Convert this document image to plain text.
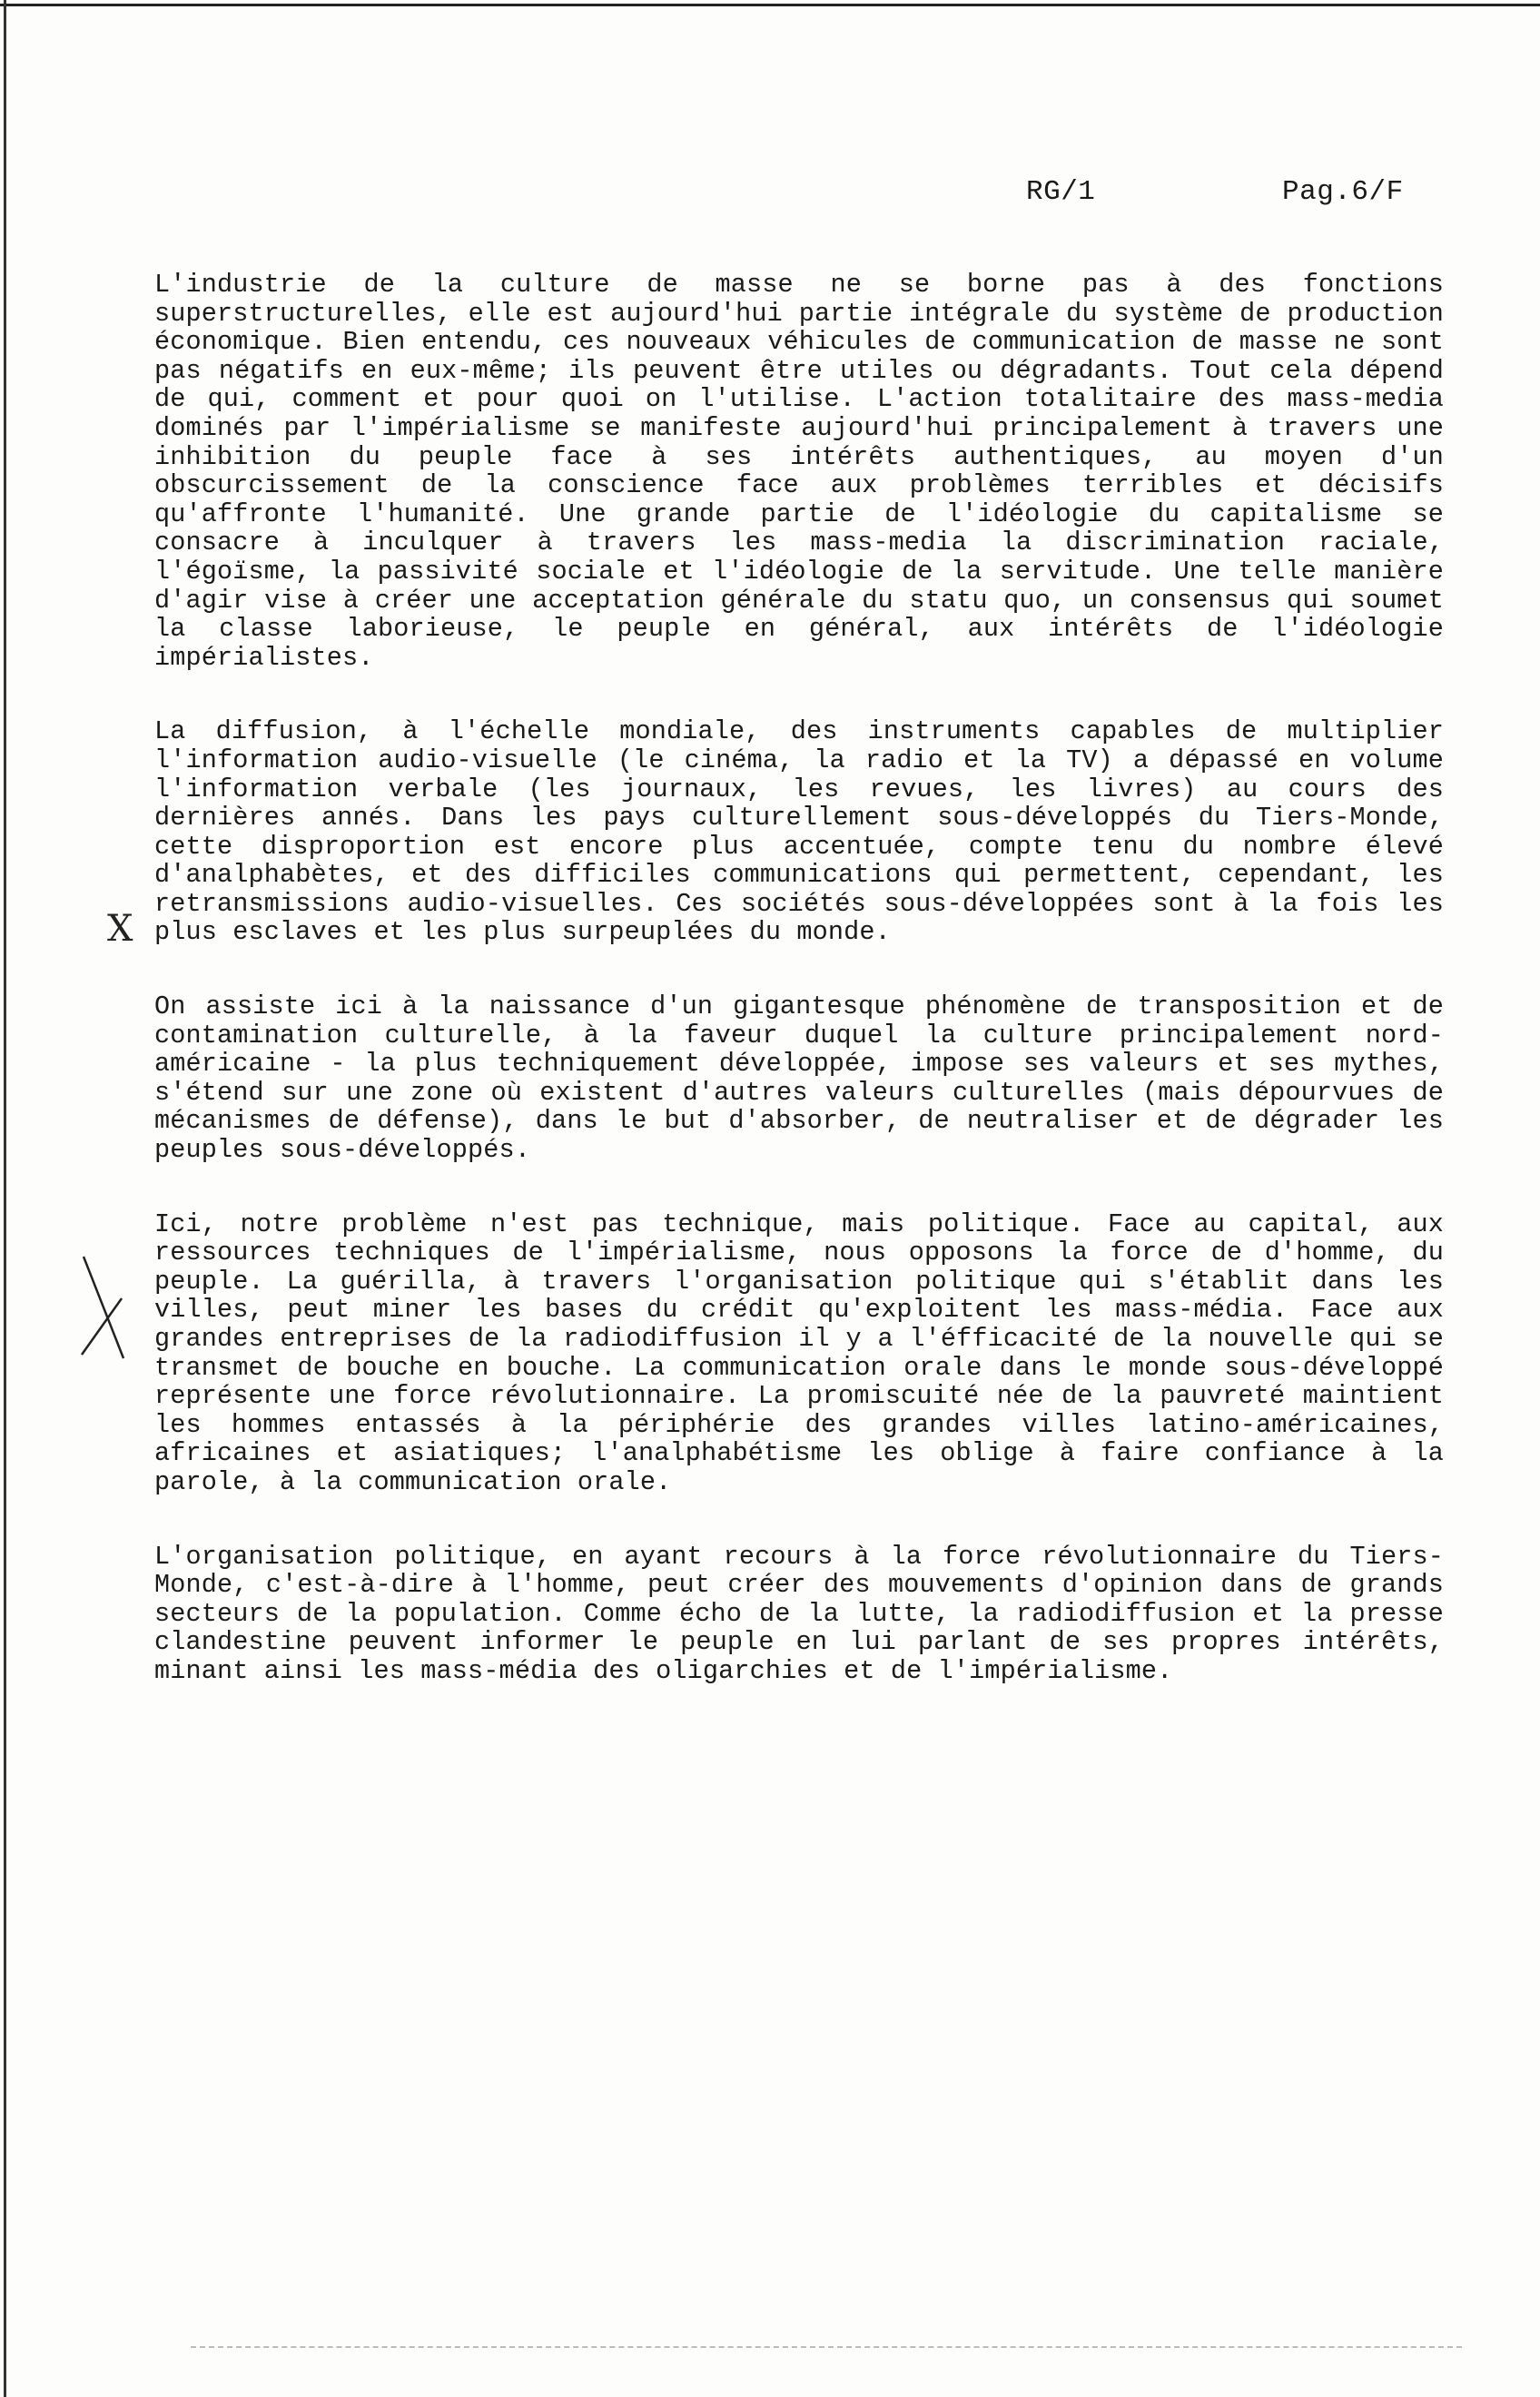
RG/1	Pag.6/F
X

L'industrie de la culture de masse ne se borne pas à des fonctions superstructurelles, elle est aujourd'hui partie intégrale du système de production économique. Bien entendu, ces nouveaux véhicules de communication de masse ne sont pas négatifs en eux-même; ils peuvent être utiles ou dégradants. Tout cela dépend de qui, comment et pour quoi on l'utilise. L'action totalitaire des mass-media dominés par l'impérialisme se manifeste aujourd'hui principalement à travers une inhibition du peuple face à ses intérêts authentiques, au moyen d'un obscurcissement de la conscience face aux problèmes terribles et décisifs qu'affronte l'humanité. Une grande partie de l'idéologie du capitalisme se consacre à inculquer à travers les mass-media la discrimination raciale, l'égoïsme, la passivité sociale et l'idéologie de la servitude. Une telle manière d'agir vise à créer une acceptation générale du statu quo, un consensus qui soumet la classe laborieuse, le peuple en général, aux intérêts de l'idéologie impérialistes.

La diffusion, à l'échelle mondiale, des instruments capables de multiplier l'information audio-visuelle (le cinéma, la radio et la TV) a dépassé en volume l'information verbale (les journaux, les revues, les livres) au cours des dernières annés. Dans les pays culturellement sous-développés du Tiers-Monde, cette disproportion est encore plus accentuée, compte tenu du nombre élevé d'analphabètes, et des difficiles communications qui permettent, cependant, les retransmissions audio-visuelles. Ces sociétés sous-développées sont à la fois les plus esclaves et les plus surpeuplées du monde.

On assiste ici à la naissance d'un gigantesque phénomène de transposition et de contamination culturelle, à la faveur duquel la culture principalement nord-américaine - la plus techniquement développée, impose ses valeurs et ses mythes, s'étend sur une zone où existent d'autres valeurs culturelles (mais dépourvues de mécanismes de défense), dans le but d'absorber, de neutraliser et de dégrader les peuples sous-développés.

Ici, notre problème n'est pas technique, mais politique. Face au capital, aux ressources techniques de l'impérialisme, nous opposons la force de d'homme, du peuple. La guérilla, à travers l'organisation politique qui s'établit dans les villes, peut miner les bases du crédit qu'exploitent les mass-média. Face aux grandes entreprises de la radiodiffusion il y a l'éfficacité de la nouvelle qui se transmet de bouche en bouche. La communication orale dans le monde sous-développé représente une force révolutionnaire. La promiscuité née de la pauvreté maintient les hommes entassés à la périphérie des grandes villes latino-américaines, africaines et asiatiques; l'analphabétisme les oblige à faire confiance à la parole, à la communication orale.

L'organisation politique, en ayant recours à la force révolutionnaire du Tiers-Monde, c'est-à-dire à l'homme, peut créer des mouvements d'opinion dans de grands secteurs de la population. Comme écho de la lutte, la radiodiffusion et la presse clandestine peuvent informer le peuple en lui parlant de ses propres intérêts, minant ainsi les mass-média des oligarchies et de l'impérialisme.
